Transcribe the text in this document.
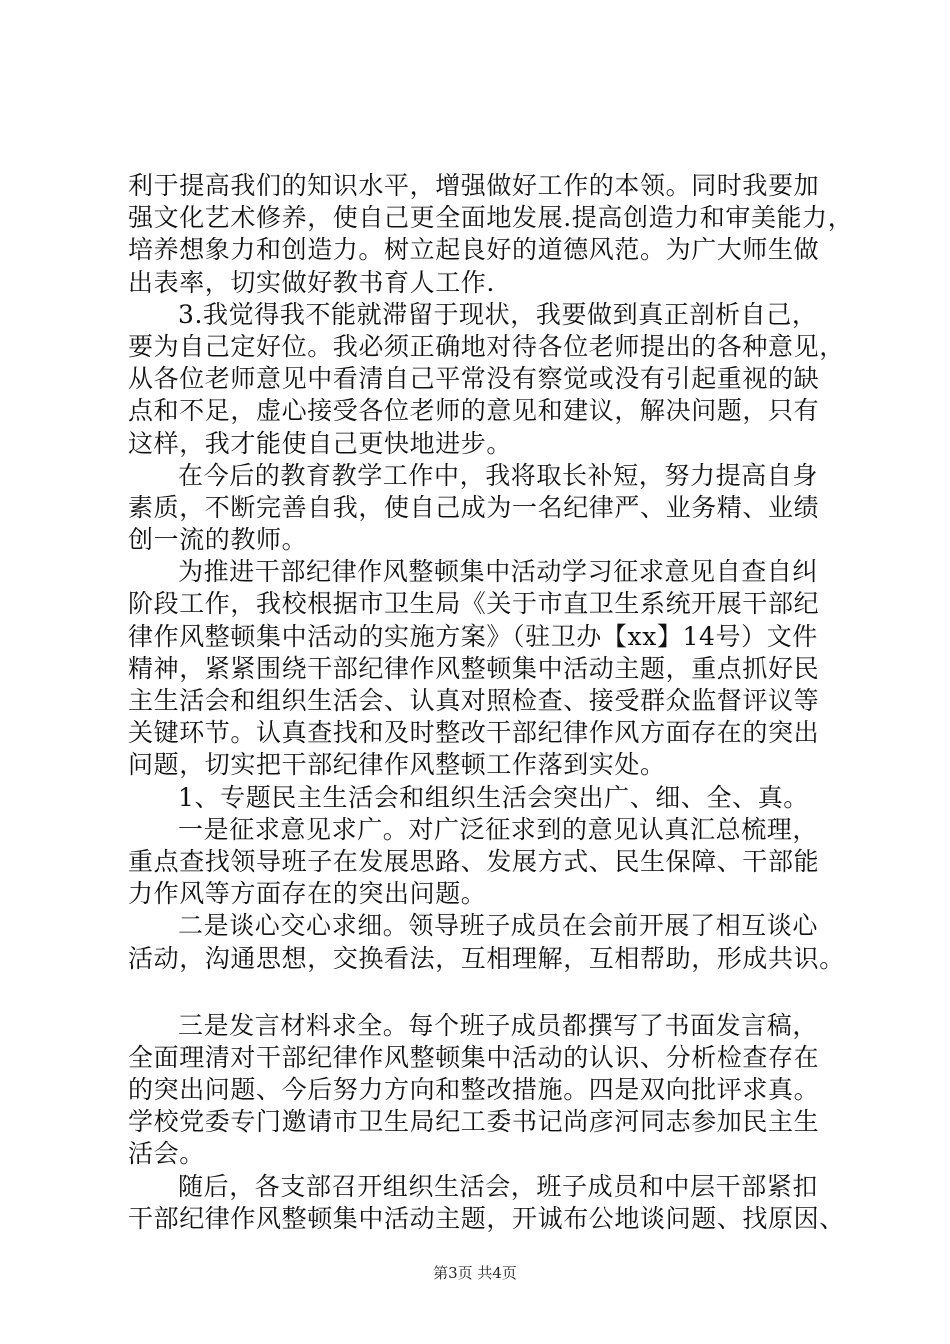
利于提高我们的知识水平，增强做好工作的本领。同时我要加
强文化艺术修养，使自己更全面地发展.提高创造力和审美能力，
培养想象力和创造力。树立起良好的道德风范。为广大师生做
出表率，切实做好教书育人工作.
3.我觉得我不能就滞留于现状，我要做到真正剖析自己，
要为自己定好位。我必须正确地对待各位老师提出的各种意见，
从各位老师意见中看清自己平常没有察觉或没有引起重视的缺
点和不足，虚心接受各位老师的意见和建议，解决问题，只有
这样，我才能使自己更快地进步。
在今后的教育教学工作中，我将取长补短，努力提高自身
素质，不断完善自我，使自己成为一名纪律严、业务精、业绩
创一流的教师。
为推进干部纪律作风整顿集中活动学习征求意见自查自纠
阶段工作，我校根据市卫生局《关于市直卫生系统开展干部纪
律作风整顿集中活动的实施方案》（驻卫办【xx】14号）文件
精神，紧紧围绕干部纪律作风整顿集中活动主题，重点抓好民
主生活会和组织生活会、认真对照检查、接受群众监督评议等
关键环节。认真查找和及时整改干部纪律作风方面存在的突出
问题，切实把干部纪律作风整顿工作落到实处。
1、专题民主生活会和组织生活会突出广、细、全、真。
一是征求意见求广。对广泛征求到的意见认真汇总梳理，
重点查找领导班子在发展思路、发展方式、民生保障、干部能
力作风等方面存在的突出问题。
二是谈心交心求细。领导班子成员在会前开展了相互谈心
活动，沟通思想，交换看法，互相理解，互相帮助，形成共识。
三是发言材料求全。每个班子成员都撰写了书面发言稿，
全面理清对干部纪律作风整顿集中活动的认识、分析检查存在
的突出问题、今后努力方向和整改措施。四是双向批评求真。
学校党委专门邀请市卫生局纪工委书记尚彦河同志参加民主生
活会。
随后，各支部召开组织生活会，班子成员和中层干部紧扣
干部纪律作风整顿集中活动主题，开诚布公地谈问题、找原因、
第3页 共4页
